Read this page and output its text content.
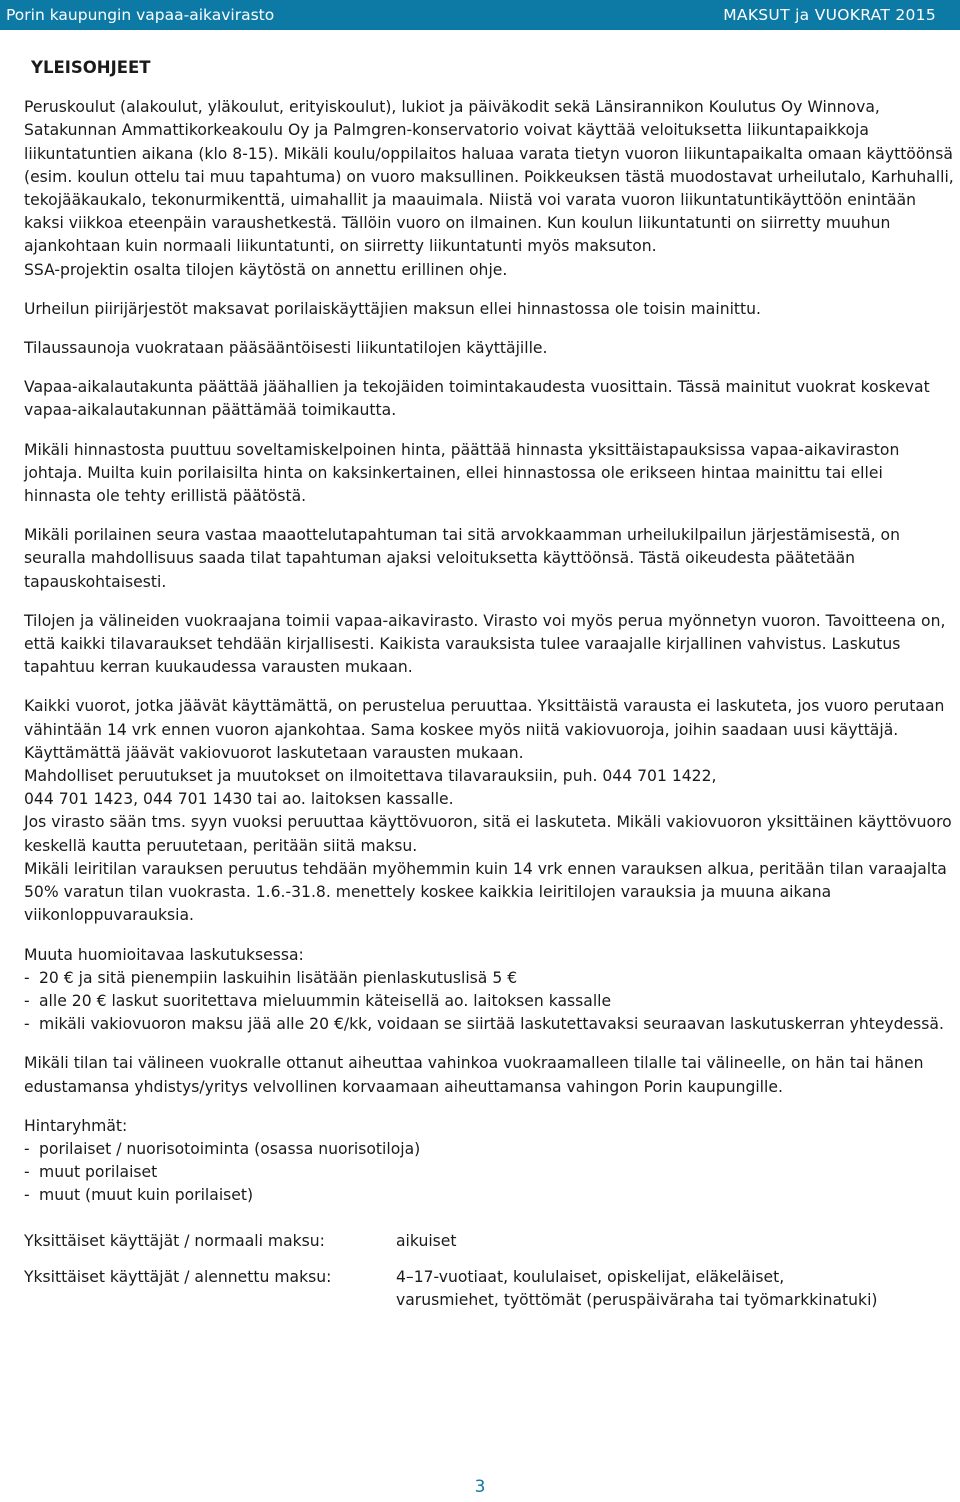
Porin kaupungin vapaa-aikavirasto	MAKSUT ja VUOKRAT 2015
YLEISOHJEET

Peruskoulut (alakoulut, yläkoulut, erityiskoulut), lukiot ja päiväkodit sekä Länsirannikon Koulutus Oy Winnova, Satakunnan Ammattikorkeakoulu Oy ja Palmgren-konservatorio voivat käyttää veloituksetta liikuntapaikkoja liikuntatuntien aikana (klo 8-15). Mikäli koulu/oppilaitos haluaa varata tietyn vuoron liikuntapaikalta omaan käyttöönsä (esim. koulun ottelu tai muu tapahtuma) on vuoro maksullinen. Poikkeuksen tästä muodostavat urheilutalo, Karhuhalli, tekojääkaukalo, tekonurmikenttä, uimahallit ja maauimala. Niistä voi varata vuoron liikuntatuntikäyttöön enintään kaksi viikkoa eteenpäin varaushetkestä. Tällöin vuoro on ilmainen. Kun koulun liikuntatunti on siirretty muuhun ajankohtaan kuin normaali liikuntatunti, on siirretty liikuntatunti myös maksuton.

SSA-projektin osalta tilojen käytöstä on annettu erillinen ohje.

Urheilun piirijärjestöt maksavat porilaiskäyttäjien maksun ellei hinnastossa ole toisin mainittu.

Tilaussaunoja vuokrataan pääsääntöisesti liikuntatilojen käyttäjille.

Vapaa-aikalautakunta päättää jäähallien ja tekojäiden toimintakaudesta vuosittain. Tässä mainitut vuokrat koskevat vapaa-aikalautakunnan päättämää toimikautta.

Mikäli hinnastosta puuttuu soveltamiskelpoinen hinta, päättää hinnasta yksittäistapauksissa vapaa-aikaviraston johtaja. Muilta kuin porilaisilta hinta on kaksinkertainen, ellei hinnastossa ole erikseen hintaa mainittu tai ellei hinnasta ole tehty erillistä päätöstä.

Mikäli porilainen seura vastaa maaottelutapahtuman tai sitä arvokkaamman urheilukilpailun järjestämisestä, on seuralla mahdollisuus saada tilat tapahtuman ajaksi veloituksetta käyttöönsä. Tästä oikeudesta päätetään tapauskohtaisesti.

Tilojen ja välineiden vuokraajana toimii vapaa-aikavirasto. Virasto voi myös perua myönnetyn vuoron. Tavoitteena on, että kaikki tilavaraukset tehdään kirjallisesti. Kaikista varauksista tulee varaajalle kirjallinen vahvistus. Laskutus tapahtuu kerran kuukaudessa varausten mukaan.

Kaikki vuorot, jotka jäävät käyttämättä, on perustelua peruuttaa. Yksittäistä varausta ei laskuteta, jos vuoro perutaan vähintään 14 vrk ennen vuoron ajankohtaa. Sama koskee myös niitä vakiovuoroja, joihin saadaan uusi käyttäjä. Käyttämättä jäävät vakiovuorot laskutetaan varausten mukaan.

Mahdolliset peruutukset ja muutokset on ilmoitettava tilavarauksiin, puh. 044 701 1422,

044 701 1423, 044 701 1430 tai ao. laitoksen kassalle.

Jos virasto sään tms. syyn vuoksi peruuttaa käyttövuoron, sitä ei laskuteta. Mikäli vakiovuoron yksittäinen käyttövuoro keskellä kautta peruutetaan, peritään siitä maksu.

Mikäli leiritilan varauksen peruutus tehdään myöhemmin kuin 14 vrk ennen varauksen alkua, peritään tilan varaajalta 50% varatun tilan vuokrasta. 1.6.-31.8. menettely koskee kaikkia leiritilojen varauksia ja muuna aikana viikonloppuvarauksia.

Muuta huomioitavaa laskutuksessa:

- 20 € ja sitä pienempiin laskuihin lisätään pienlaskutuslisä 5 €
- alle 20 € laskut suoritettava mieluummin käteisellä ao. laitoksen kassalle
- mikäli vakiovuoron maksu jää alle 20 €/kk, voidaan se siirtää laskutettavaksi seuraavan laskutuskerran yhteydessä.

Mikäli tilan tai välineen vuokralle ottanut aiheuttaa vahinkoa vuokraamalleen tilalle tai välineelle, on hän tai hänen edustamansa yhdistys/yritys velvollinen korvaamaan aiheuttamansa vahingon Porin kaupungille.

Hintaryhmät:

- porilaiset / nuorisotoiminta (osassa nuorisotiloja)
- muut porilaiset
- muut (muut kuin porilaiset)
Yksittäiset käyttäjät / normaali maksu:	aikuiset
Yksittäiset käyttäjät / alennettu maksu:	4–17-vuotiaat, koululaiset, opiskelijat, eläkeläiset,
varusmiehet, työttömät (peruspäiväraha tai työmarkkinatuki)
3
